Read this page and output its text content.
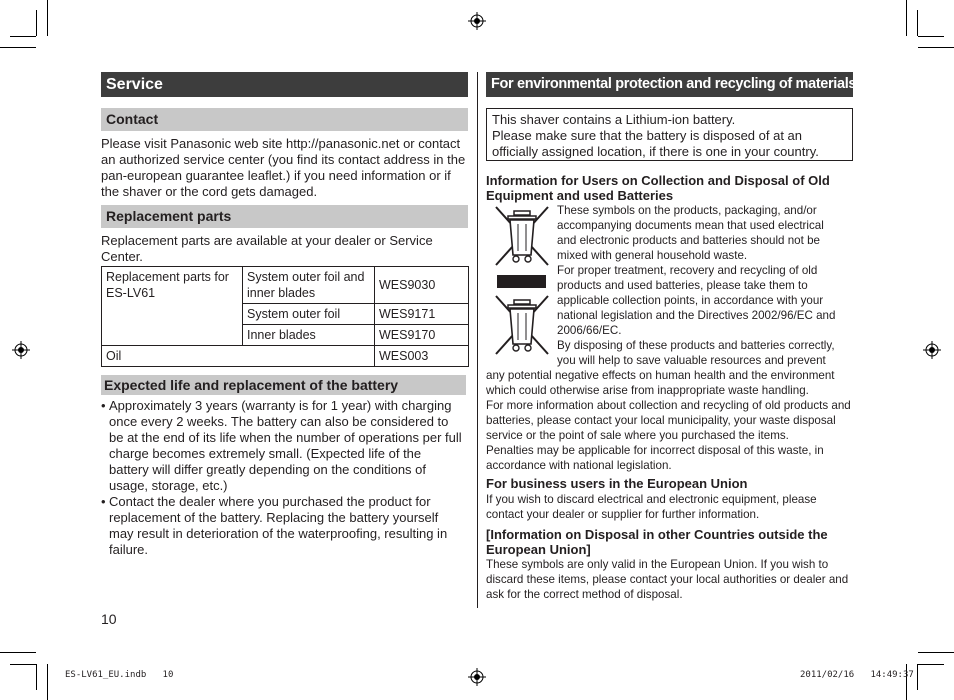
Service
Contact

Please visit Panasonic web site http://panasonic.net or contact an authorized service center (you find its contact address in the pan-european guarantee leaflet.) if you need information or if the shaver or the cord gets damaged.

Replacement parts

Replacement parts are available at your dealer or Service Center.

Replacement parts for ES-LV61	System outer foil and inner blades	WES9030
	System outer foil	WES9171
	Inner blades	WES9170
Oil		WES003
Expected life and replacement of the battery
• Approximately 3 years (warranty is for 1 year) with charging once every 2 weeks. The battery can also be considered to be at the end of its life when the number of operations per full charge becomes extremely small. (Expected life of the battery will differ greatly depending on the conditions of usage, storage, etc.)
• Contact the dealer where you purchased the product for replacement of the battery. Replacing the battery yourself may result in deterioration of the waterproofing, resulting in failure.
10
For environmental protection and recycling of materials
This shaver contains a Lithium-ion battery.
Please make sure that the battery is disposed of at an officially assigned location, if there is one in your country.

Information for Users on Collection and Disposal of Old Equipment and used Batteries

These symbols on the products, packaging, and/or
accompanying documents mean that used electrical
and electronic products and batteries should not be
mixed with general household waste.
For proper treatment, recovery and recycling of old
products and used batteries, please take them to
applicable collection points, in accordance with your
national legislation and the Directives 2002/96/EC and
2006/66/EC.
By disposing of these products and batteries correctly,
you will help to save valuable resources and prevent

any potential negative effects on human health and the environment which could otherwise arise from inappropriate waste handling.

For more information about collection and recycling of old products and batteries, please contact your local municipality, your waste disposal service or the point of sale where you purchased the items.

Penalties may be applicable for incorrect disposal of this waste, in accordance with national legislation.

For business users in the European Union

If you wish to discard electrical and electronic equipment, please contact your dealer or supplier for further information.

[Information on Disposal in other Countries outside the European Union]

These symbols are only valid in the European Union. If you wish to discard these items, please contact your local authorities or dealer and ask for the correct method of disposal.

ES-LV61_EU.indb   10	2011/02/16   14:49:37
